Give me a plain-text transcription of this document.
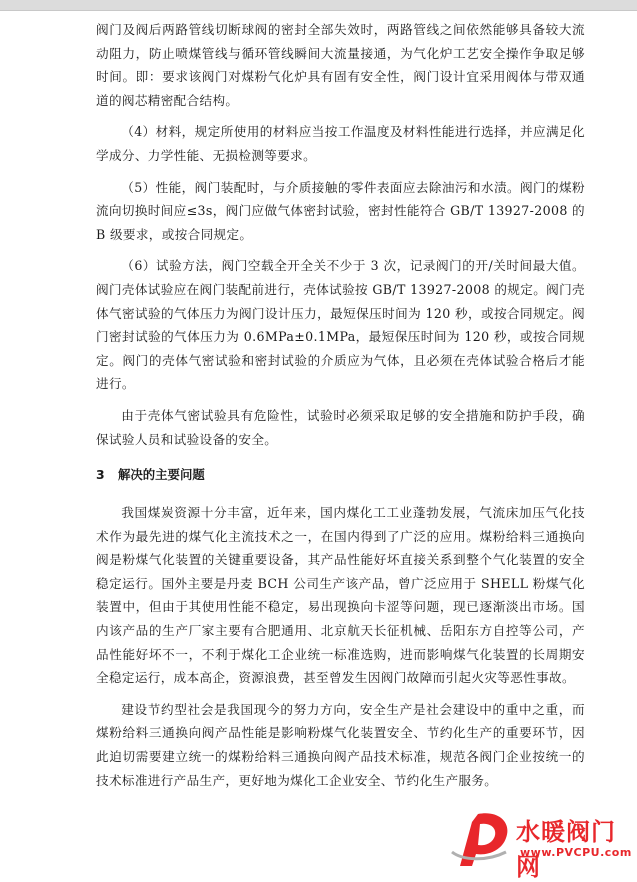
阀门及阀后两路管线切断球阀的密封全部失效时，两路管线之间依然能够具备较大流动阻力，防止喷煤管线与循环管线瞬间大流量接通，为气化炉工艺安全操作争取足够时间。即：要求该阀门对煤粉气化炉具有固有安全性，阀门设计宜采用阀体与带双通道的阀芯精密配合结构。

（4）材料，规定所使用的材料应当按工作温度及材料性能进行选择，并应满足化学成分、力学性能、无损检测等要求。

（5）性能，阀门装配时，与介质接触的零件表面应去除油污和水渍。阀门的煤粉流向切换时间应≤3s，阀门应做气体密封试验，密封性能符合 GB/T 13927-2008 的 B 级要求，或按合同规定。

（6）试验方法，阀门空载全开全关不少于 3 次，记录阀门的开/关时间最大值。阀门壳体试验应在阀门装配前进行，壳体试验按 GB/T 13927-2008 的规定。阀门壳体气密试验的气体压力为阀门设计压力，最短保压时间为 120 秒，或按合同规定。阀门密封试验的气体压力为 0.6MPa±0.1MPa，最短保压时间为 120 秒，或按合同规定。阀门的壳体气密试验和密封试验的介质应为气体，且必须在壳体试验合格后才能进行。

由于壳体气密试验具有危险性，试验时必须采取足够的安全措施和防护手段，确保试验人员和试验设备的安全。

3 解决的主要问题

我国煤炭资源十分丰富，近年来，国内煤化工工业蓬勃发展，气流床加压气化技术作为最先进的煤气化主流技术之一，在国内得到了广泛的应用。煤粉给料三通换向阀是粉煤气化装置的关键重要设备，其产品性能好坏直接关系到整个气化装置的安全稳定运行。国外主要是丹麦 BCH 公司生产该产品，曾广泛应用于 SHELL 粉煤气化装置中，但由于其使用性能不稳定，易出现换向卡涩等问题，现已逐渐淡出市场。国内该产品的生产厂家主要有合肥通用、北京航天长征机械、岳阳东方自控等公司，产品性能好坏不一，不利于煤化工企业统一标准选购，进而影响煤气化装置的长周期安全稳定运行，成本高企，资源浪费，甚至曾发生因阀门故障而引起火灾等恶性事故。

建设节约型社会是我国现今的努力方向，安全生产是社会建设中的重中之重，而煤粉给料三通换向阀产品性能是影响粉煤气化装置安全、节约化生产的重要环节，因此迫切需要建立统一的煤粉给料三通换向阀产品技术标准，规范各阀门企业按统一的技术标准进行产品生产，更好地为煤化工企业安全、节约化生产服务。

水暖阀门网
www.PVCPU.com
